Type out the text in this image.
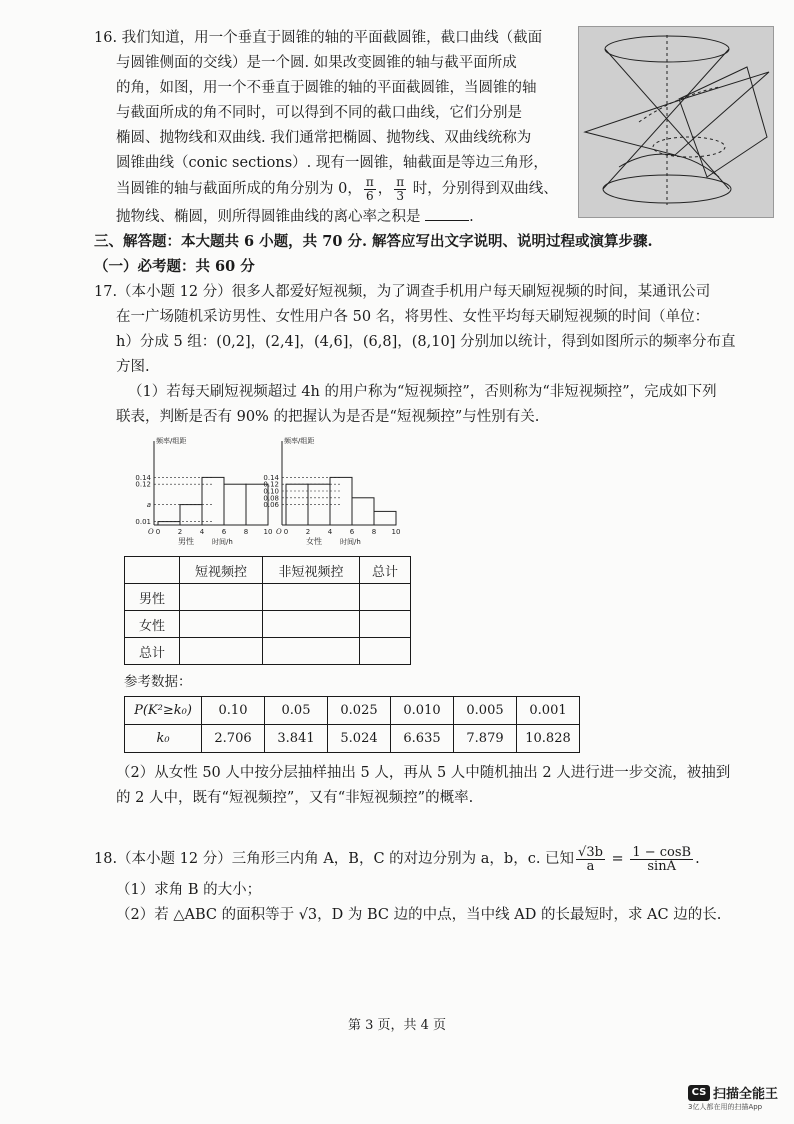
16. 我们知道，用一个垂直于圆锥的轴的平面截圆锥，截口曲线（截面
与圆锥侧面的交线）是一个圆. 如果改变圆锥的轴与截平面所成
的角，如图，用一个不垂直于圆锥的轴的平面截圆锥，当圆锥的轴
与截面所成的角不同时，可以得到不同的截口曲线，它们分别是
椭圆、抛物线和双曲线. 我们通常把椭圆、抛物线、双曲线统称为
圆锥曲线（conic sections）. 现有一圆锥，轴截面是等边三角形，
当圆锥的轴与截面所成的角分别为 0， $\frac{\pi}{6}$ ， $\frac{\pi}{3}$ 时，分别得到双曲线、
抛物线、椭圆，则所得圆锥曲线的离心率之积是	.
三、解答题：本大题共 6 小题，共 70 分. 解答应写出文字说明、说明过程或演算步骤.
（一）必考题：共 60 分
17.（本小题 12 分）很多人都爱好短视频，为了调查手机用户每天刷短视频的时间，某通讯公司
在一广场随机采访男性、女性用户各 50 名，将男性、女性平均每天刷短视频的时间（单位：
h）分成 5 组：(0,2]，(2,4]，(4,6]，(6,8]，(8,10] 分别加以统计，得到如图所示的频率分布直
方图.
（1）若每天刷短视频超过 4h 的用户称为“短视频控”，否则称为“非短视频控”，完成如下列
联表，判断是否有 90% 的把握认为是否是“短视频控”与性别有关.
频率/组距
0	2	4	6	8 10
O
0.01
a
0.12
0.14
时间/h
男性
频率/组距
0	2	4	6	8 10
O
0.06
0.08
0.10
0.12
0.14
时间/h
女性
	短视频控	非短视频控	总计
男性			
女性			
总计			
参考数据：
P(K²≥k₀)	0.10	0.05	0.025	0.010	0.005	0.001
k₀	2.706	3.841	5.024	6.635	7.879	10.828
（2）从女性 50 人中按分层抽样抽出 5 人，再从 5 人中随机抽出 2 人进行进一步交流，被抽到
的 2 人中，既有“短视频控”，又有“非短视频控”的概率.
18.（本小题 12 分）三角形三内角 A，B，C 的对边分别为 a，b，c. 已知 $\frac{√3b}{a} = \frac{1 - \cos B}{\sin A}$ .
（1）求角 B 的大小；
（2）若 △ABC 的面积等于 √3，D 为 BC 边的中点，当中线 AD 的长最短时，求 AC 边的长.
第 3 页，共 4 页
CS 扫描全能王
3亿人都在用的扫描App
